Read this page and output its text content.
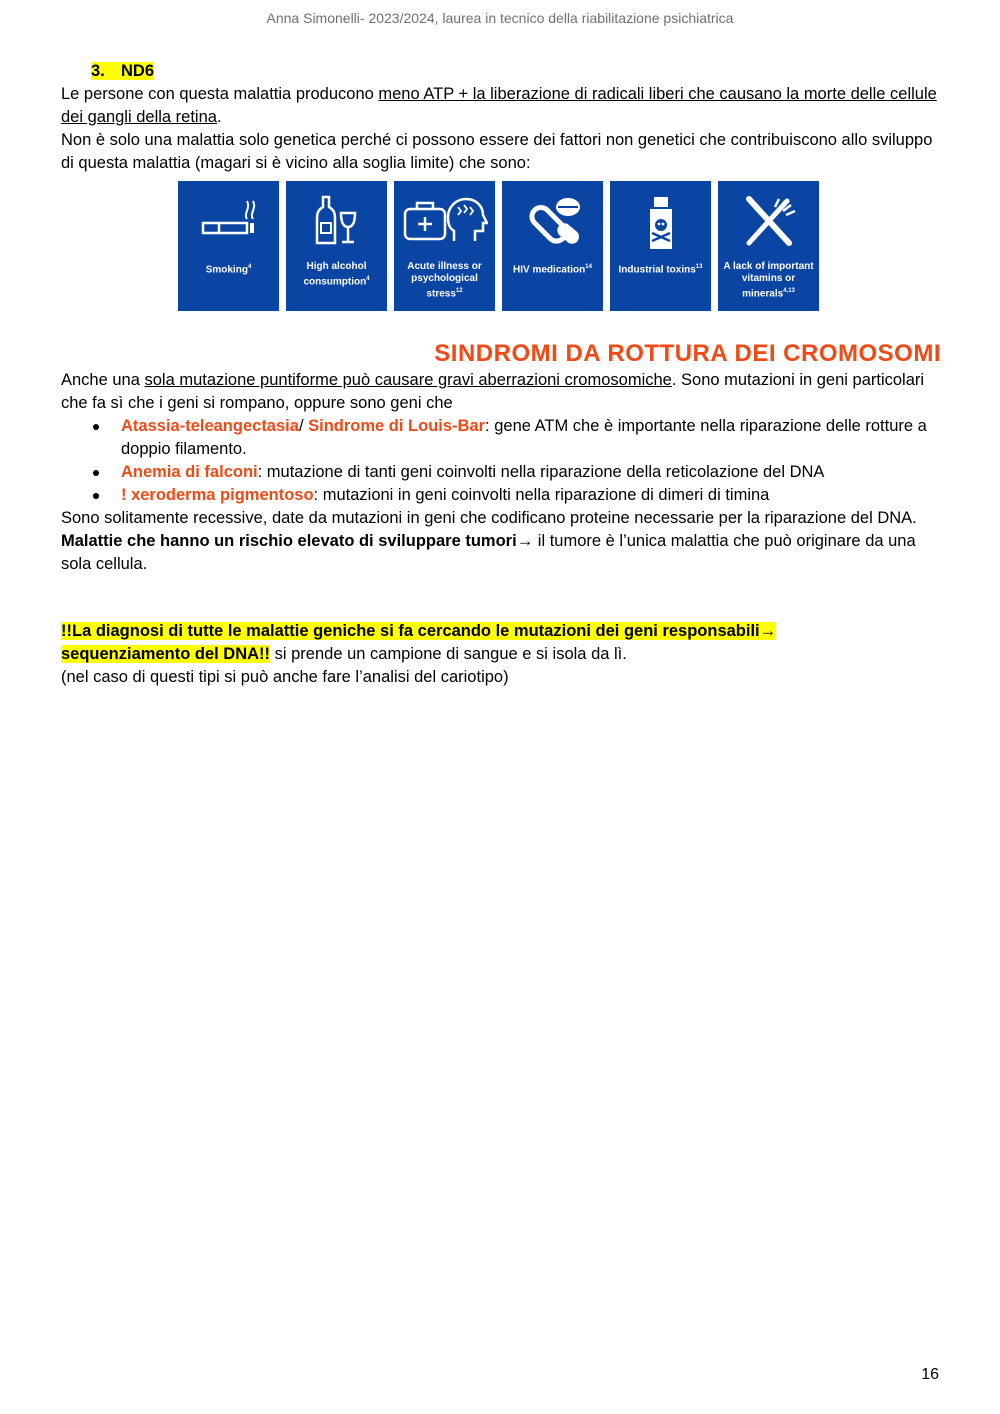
Anna Simonelli- 2023/2024, laurea in tecnico della riabilitazione psichiatrica

3. ND6

Le persone con questa malattia producono meno ATP + la liberazione di radicali liberi che causano la morte delle cellule dei gangli della retina.

Non è solo una malattia solo genetica perché ci possono essere dei fattori non genetici che contribuiscono allo sviluppo di questa malattia (magari si è vicino alla soglia limite) che sono:

Smoking$^4$	High alcohol consumption$^4$
Acute illness or psychological stress$^{12}$
HIV medication$^{14}$	Industrial toxins$^{13}$	A lack of important vitamins or minerals$^{4,13}$
SINDROMI DA ROTTURA DEI CROMOSOMI

Anche una sola mutazione puntiforme può causare gravi aberrazioni cromosomiche. Sono mutazioni in geni particolari che fa sì che i geni si rompano, oppure sono geni che

Atassia-teleangectasia/ Sindrome di Louis-Bar: gene ATM che è importante nella riparazione delle rotture a doppio filamento.
Anemia di falconi: mutazione di tanti geni coinvolti nella riparazione della reticolazione del DNA
! xeroderma pigmentoso: mutazioni in geni coinvolti nella riparazione di dimeri di timina

Sono solitamente recessive, date da mutazioni in geni che codificano proteine necessarie per la riparazione del DNA.

Malattie che hanno un rischio elevato di sviluppare tumori→ il tumore è l’unica malattia che può originare da una sola cellula.

!!La diagnosi di tutte le malattie geniche si fa cercando le mutazioni dei geni responsabili→
sequenziamento del DNA!! si prende un campione di sangue e si isola da lì.

(nel caso di questi tipi si può anche fare l’analisi del cariotipo)

16
